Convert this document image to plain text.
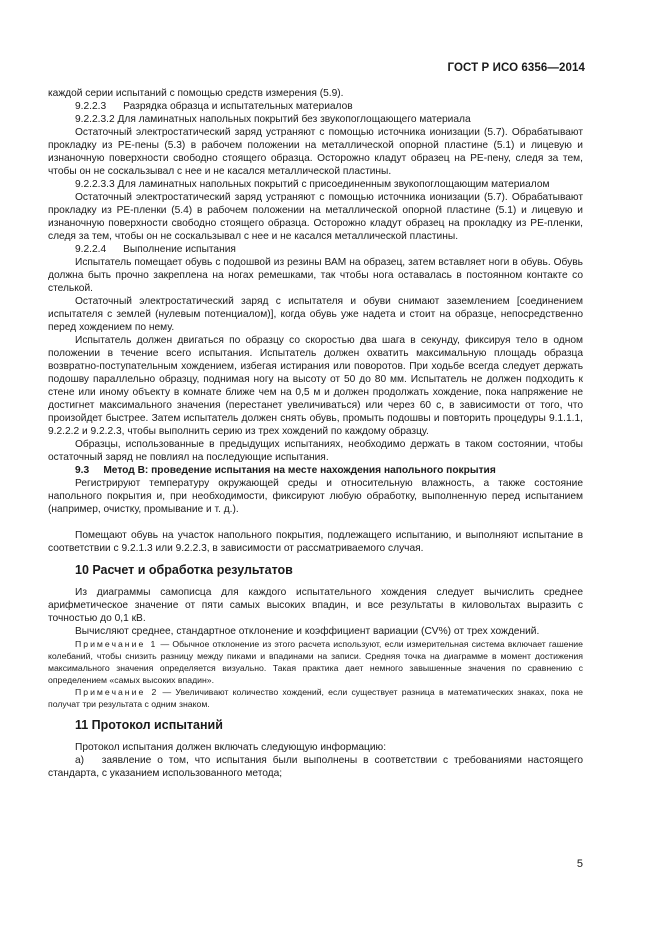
ГОСТ Р ИСО 6356—2014

каждой серии испытаний с помощью средств измерения (5.9).

9.2.2.3      Разрядка образца и испытательных материалов

9.2.2.3.2 Для ламинатных напольных покрытий без звукопоглощающего материала

Остаточный электростатический заряд устраняют с помощью источника ионизации (5.7). Обрабатывают прокладку из РЕ-пены (5.3) в рабочем положении на металлической опорной пластине (5.1) и лицевую и изнаночную поверхности свободно стоящего образца. Осторожно кладут образец на РЕ-пену, следя за тем, чтобы он не соскальзывал с нее и не касался металлической пластины.

9.2.2.3.3 Для ламинатных напольных покрытий с присоединенным звукопоглощающим материалом

Остаточный электростатический заряд устраняют с помощью источника ионизации (5.7). Обрабатывают прокладку из РЕ-пленки (5.4) в рабочем положении на металлической опорной пластине (5.1) и лицевую и изнаночную поверхности свободно стоящего образца. Осторожно кладут образец на прокладку из РЕ-пленки, следя за тем, чтобы он не соскальзывал с нее и не касался металлической пластины.

9.2.2.4      Выполнение испытания

Испытатель помещает обувь с подошвой из резины ВАМ на образец, затем вставляет ноги в обувь. Обувь должна быть прочно закреплена на ногах ремешками, так чтобы нога оставалась в постоянном контакте со стелькой.

Остаточный электростатический заряд с испытателя и обуви снимают заземлением [соединением испытателя с землей (нулевым потенциалом)], когда обувь уже надета и стоит на образце, непосредственно перед хождением по нему.

Испытатель должен двигаться по образцу со скоростью два шага в секунду, фиксируя тело в одном положении в течение всего испытания. Испытатель должен охватить максимальную площадь образца возвратно-поступательным хождением, избегая истирания или поворотов. При ходьбе всегда следует держать подошву параллельно образцу, поднимая ногу на высоту от 50 до 80 мм. Испытатель не должен подходить к стене или иному объекту в комнате ближе чем на 0,5 м и должен продолжать хождение, пока напряжение не достигнет максимального значения (перестанет увеличиваться) или через 60 с, в зависимости от того, что произойдет быстрее. Затем испытатель должен снять обувь, промыть подошвы и повторить процедуры 9.1.1.1, 9.2.2.2 и 9.2.2.3, чтобы выполнить серию из трех хождений по каждому образцу.

Образцы, использованные в предыдущих испытаниях, необходимо держать в таком состоянии, чтобы остаточный заряд не повлиял на последующие испытания.

9.3     Метод В: проведение испытания на месте нахождения напольного покрытия

Регистрируют температуру окружающей среды и относительную влажность, а также состояние напольного покрытия и, при необходимости, фиксируют любую обработку, выполненную перед испытанием (например, очистку, промывание и т. д.).

Помещают обувь на участок напольного покрытия, подлежащего испытанию, и выполняют испытание в соответствии с 9.2.1.3 или 9.2.2.3, в зависимости от рассматриваемого случая.

10 Расчет и обработка результатов

Из диаграммы самописца для каждого испытательного хождения следует вычислить среднее арифметическое значение от пяти самых высоких впадин, и все результаты в киловольтах выразить с точностью до 0,1 кВ.

Вычисляют среднее, стандартное отклонение и коэффициент вариации (CV%) от трех хождений.

Примечание 1 — Обычное отклонение из этого расчета используют, если измерительная система включает гашение колебаний, чтобы снизить разницу между пиками и впадинами на записи. Средняя точка на диаграмме в момент достижения максимального значения определяется визуально. Такая практика дает немного завышенные значения по сравнению с определением «самых высоких впадин».

Примечание 2 — Увеличивают количество хождений, если существует разница в математических знаках, пока не получат три результата с одним знаком.

11 Протокол испытаний

Протокол испытания должен включать следующую информацию:

а)   заявление о том, что испытания были выполнены в соответствии с требованиями настоящего стандарта, с указанием использованного метода;

5
